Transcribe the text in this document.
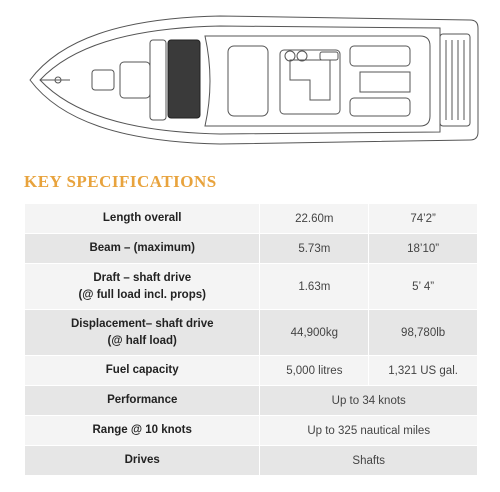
KEY SPECIFICATIONS
Length overall	22.60m	74’2”
Beam – (maximum)	5.73m	18’10”
Draft – shaft drive
(@ full load incl. props)	1.63m	5’ 4”
Displacement– shaft drive
(@ half load)	44,900kg	98,780lb
Fuel capacity	5,000 litres	1,321 US gal.
Performance	Up to 34 knots	
Range @ 10 knots	Up to 325 nautical miles	
Drives	Shafts	
